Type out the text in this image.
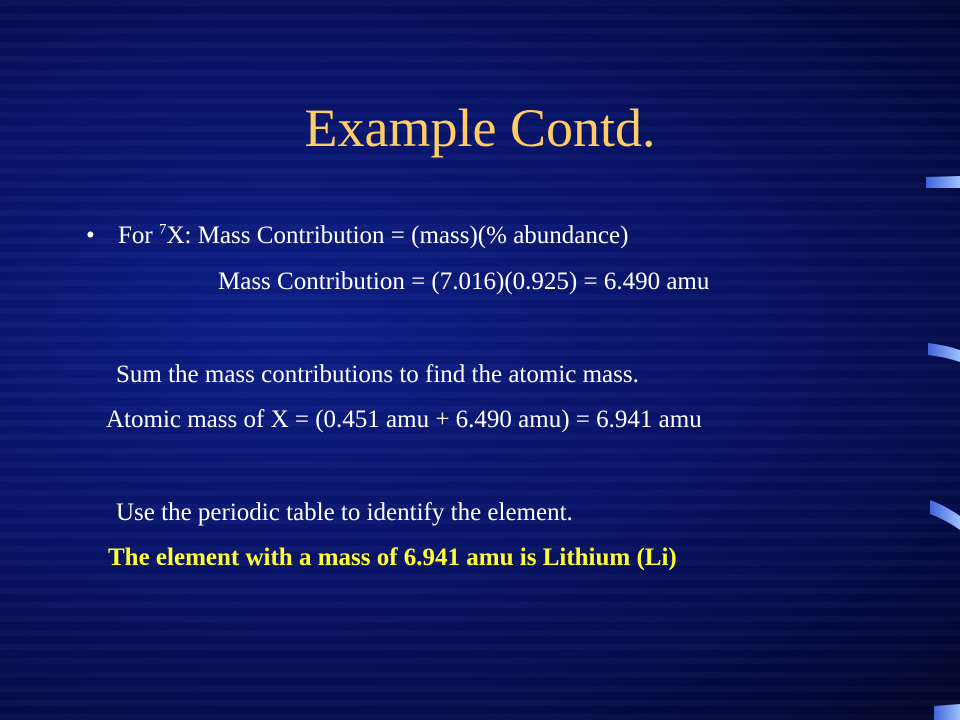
Example Contd.
• For $^7$X: Mass Contribution = (mass)(% abundance)
Mass Contribution = (7.016)(0.925) = 6.490 amu
Sum the mass contributions to find the atomic mass.
Atomic mass of X = (0.451 amu + 6.490 amu) = 6.941 amu
Use the periodic table to identify the element.
The element with a mass of 6.941 amu is Lithium (Li)
